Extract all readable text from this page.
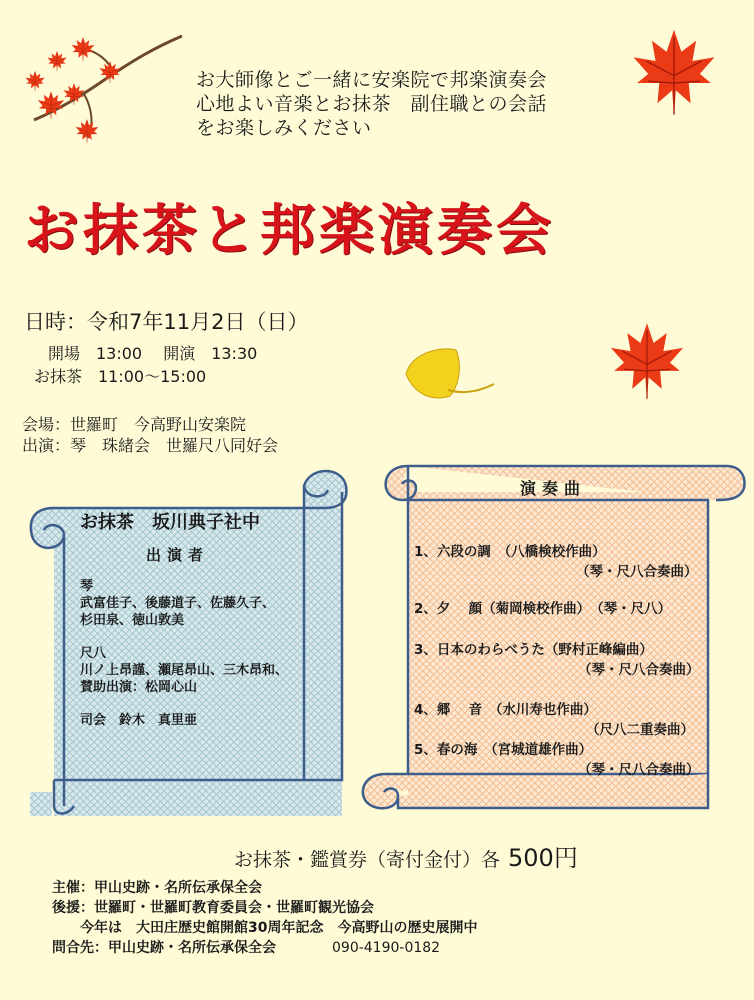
お大師像とご一緒に安楽院で邦楽演奏会
心地よい音楽とお抹茶　副住職との会話
をお楽しみください
お抹茶と邦楽演奏会
日時：令和7年11月2日（日）
開場　13:00　 開演　13:30
お抹茶　11:00〜15:00
会場：世羅町　今高野山安楽院
出演：琴　珠緒会　世羅尺八同好会
お抹茶　坂川典子社中
出演者
琴
武富佳子、後藤道子、佐藤久子、
杉田泉、徳山敦美
尺八
川ノ上昂謹、瀬尾昂山、三木昂和、
賛助出演：松岡心山
司会　鈴木　真里亜
演奏曲
1、六段の調　（八橋検校作曲）
（琴・尺八合奏曲）
2、夕　 顔（菊岡検校作曲）　（琴・尺八）
3、日本のわらべうた（野村正峰編曲）
（琴・尺八合奏曲）
4、郷　 音　（水川寿也作曲）
（尺八二重奏曲）
5、春の海　（宮城道雄作曲）
（琴・尺八合奏曲）
お抹茶・鑑賞券（寄付金付）各 500円
主催：甲山史跡・名所伝承保全会
後援：世羅町・世羅町教育委員会・世羅町観光協会
今年は　大田庄歴史館開館30周年記念　今高野山の歴史展開中
問合先：甲山史跡・名所伝承保全会	090-4190-0182
